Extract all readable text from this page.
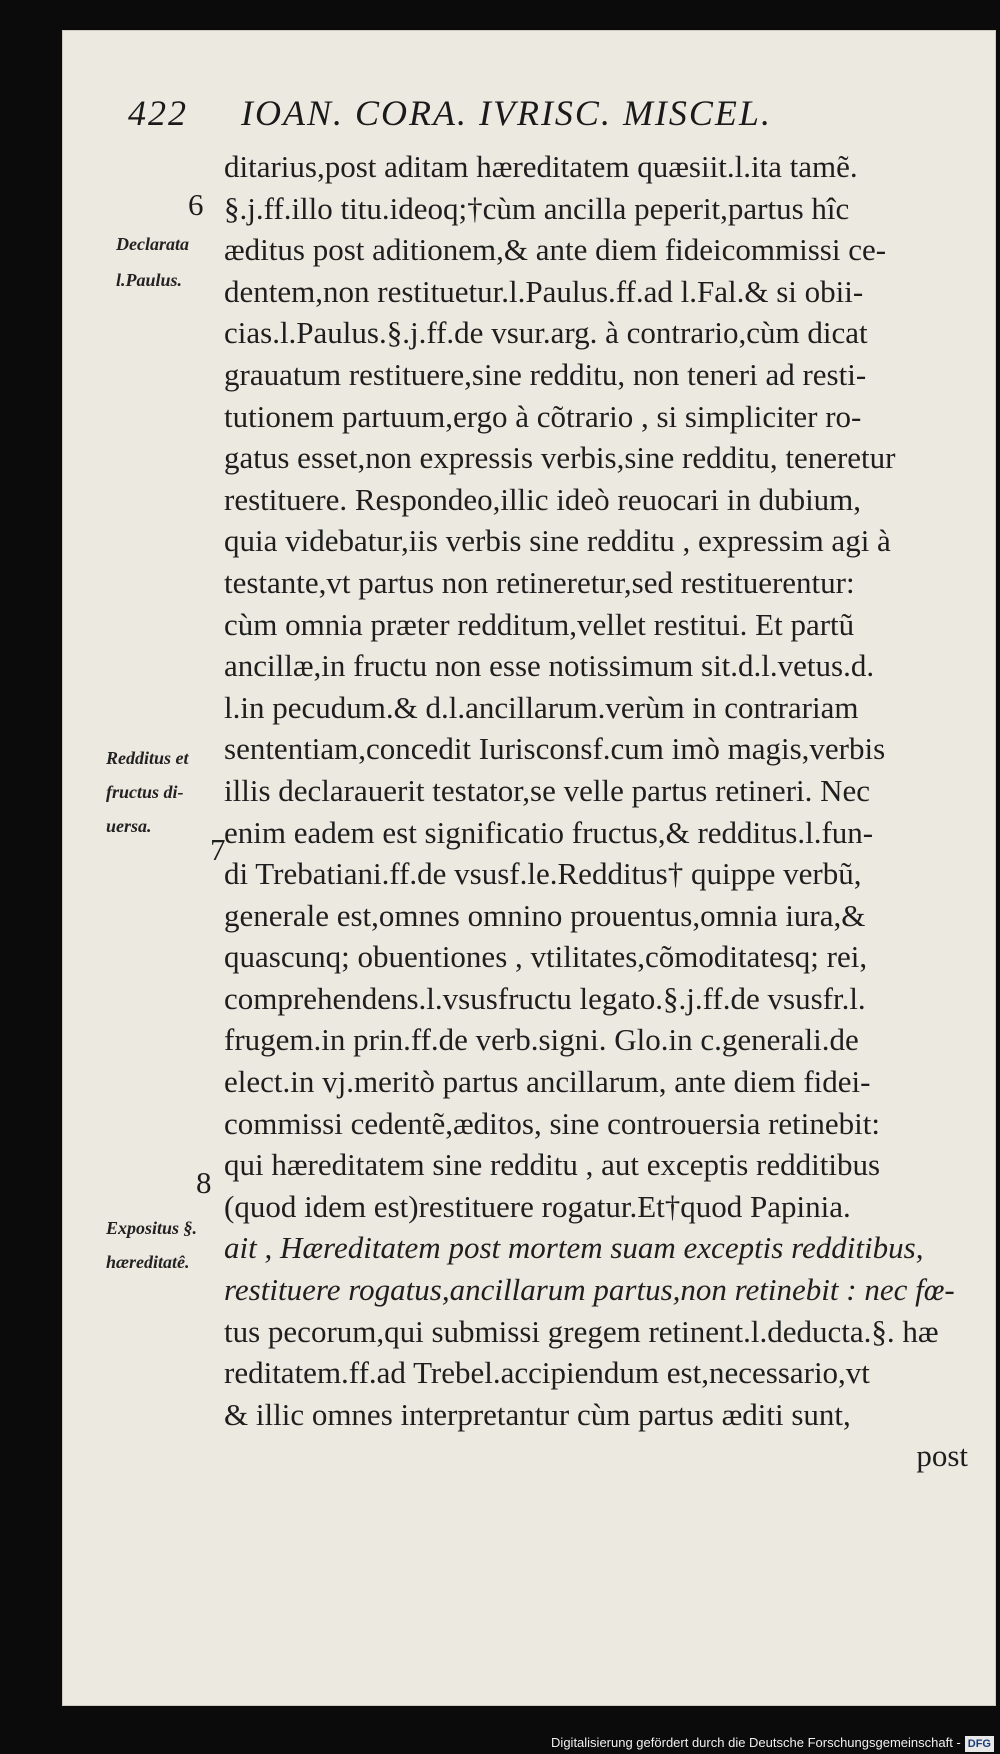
422 IOAN. CORA. IVRISC. MISCEL.
6
7
8
Declarata
l.Paulus.
Redditus et
fructus di-
uersa.
Expositus §.
hæreditatê.
ditarius,post aditam hæreditatem quæsiit.l.ita tamẽ.
§.j.ff.illo titu.ideoq;†cùm ancilla peperit,partus hîc
æditus post aditionem,& ante diem fideicommissi ce-
dentem,non restituetur.l.Paulus.ff.ad l.Fal.& si obii-
cias.l.Paulus.§.j.ff.de vsur.arg. à contrario,cùm dicat
grauatum restituere,sine redditu, non teneri ad resti-
tutionem partuum,ergo à cõtrario , si simpliciter ro-
gatus esset,non expressis verbis,sine redditu, teneretur
restituere. Respondeo,illic ideò reuocari in dubium,
quia videbatur,iis verbis sine redditu , expressim agi à
testante,vt partus non retineretur,sed restituerentur:
cùm omnia præter redditum,vellet restitui. Et partũ
ancillæ,in fructu non esse notissimum sit.d.l.vetus.d.
l.in pecudum.& d.l.ancillarum.verùm in contrariam
sententiam,concedit Iurisconsf.cum imò magis,verbis
illis declarauerit testator,se velle partus retineri. Nec
enim eadem est significatio fructus,& redditus.l.fun-
di Trebatiani.ff.de vsusf.le.Redditus† quippe verbũ,
generale est,omnes omnino prouentus,omnia iura,&
quascunq; obuentiones , vtilitates,cõmoditatesq; rei,
comprehendens.l.vsusfructu legato.§.j.ff.de vsusfr.l.
frugem.in prin.ff.de verb.signi. Glo.in c.generali.de
elect.in vj.meritò partus ancillarum, ante diem fidei-
commissi cedentẽ,æditos, sine controuersia retinebit:
qui hæreditatem sine redditu , aut exceptis redditibus
(quod idem est)restituere rogatur.Et†quod Papinia.
ait , Hæreditatem post mortem suam exceptis redditibus,
restituere rogatus,ancillarum partus,non retinebit : nec fœ-
tus pecorum,qui submissi gregem retinent.l.deducta.§. hæ
reditatem.ff.ad Trebel.accipiendum est,necessario,vt
& illic omnes interpretantur cùm partus æditi sunt,
post
Digitalisierung gefördert durch die Deutsche Forschungsgemeinschaft - DFG
